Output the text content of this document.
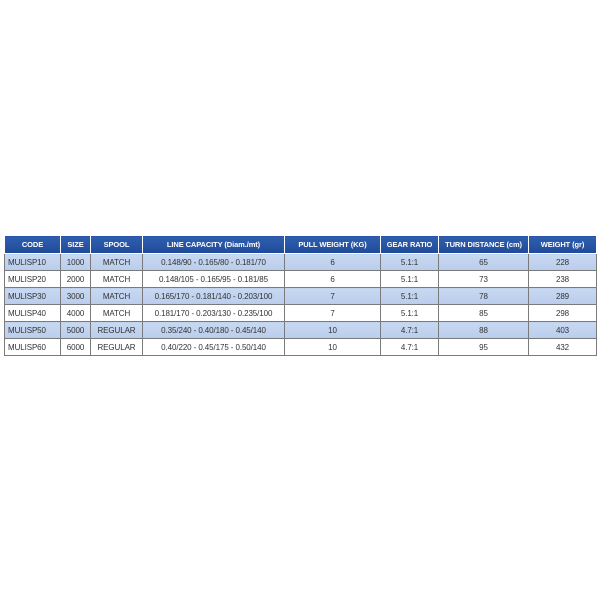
CODE	SIZE	SPOOL	LINE CAPACITY (Diam./mt)	PULL WEIGHT (KG)	GEAR RATIO	TURN DISTANCE (cm)	WEIGHT (gr)
MULISP10	1000	MATCH	0.148/90 - 0.165/80 - 0.181/70	6	5.1:1	65	228
MULISP20	2000	MATCH	0.148/105 - 0.165/95 - 0.181/85	6	5.1:1	73	238
MULISP30	3000	MATCH	0.165/170 - 0.181/140 - 0.203/100	7	5.1:1	78	289
MULISP40	4000	MATCH	0.181/170 - 0.203/130 - 0.235/100	7	5.1:1	85	298
MULISP50	5000	REGULAR	0.35/240 - 0.40/180 - 0.45/140	10	4.7:1	88	403
MULISP60	6000	REGULAR	0.40/220 - 0.45/175 - 0.50/140	10	4.7:1	95	432
